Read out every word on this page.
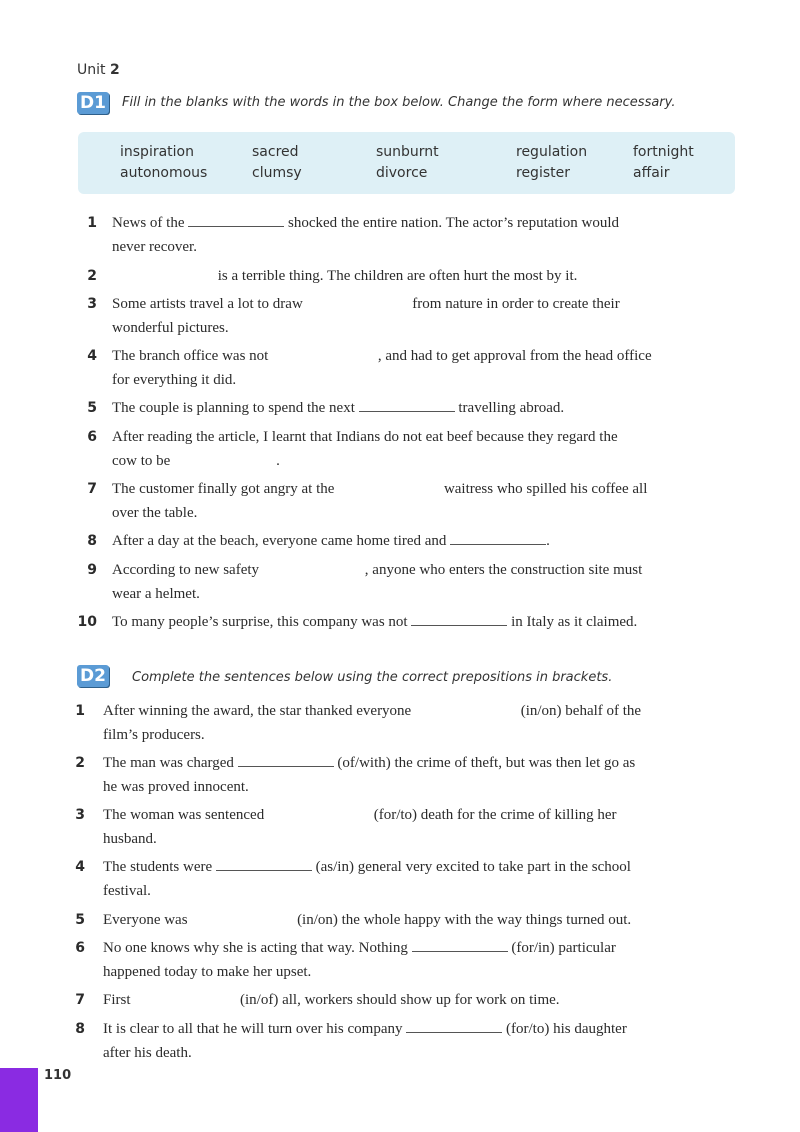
Unit 2
D1 Fill in the blanks with the words in the box below. Change the form where necessary.
inspiration	sacred	sunburnt	regulation	fortnight
autonomous	clumsy	divorce	register	affair
1 News of the	shocked the entire nation. The actor’s reputation would
never recover.
2	is a terrible thing. The children are often hurt the most by it.
3 Some artists travel a lot to draw	from nature in order to create their
wonderful pictures.
4 The branch office was not	, and had to get approval from the head office
for everything it did.
5 The couple is planning to spend the next	travelling abroad.
6 After reading the article, I learnt that Indians do not eat beef because they regard the
cow to be	.
7 The customer finally got angry at the	waitress who spilled his coffee all
over the table.
8 After a day at the beach, everyone came home tired and	.
9 According to new safety	, anyone who enters the construction site must
wear a helmet.
10 To many people’s surprise, this company was not	in Italy as it claimed.
D2 Complete the sentences below using the correct prepositions in brackets.
1 After winning the award, the star thanked everyone	(in/on) behalf of the
film’s producers.
2 The man was charged	(of/with) the crime of theft, but was then let go as
he was proved innocent.
3 The woman was sentenced	(for/to) death for the crime of killing her
husband.
4 The students were	(as/in) general very excited to take part in the school
festival.
5 Everyone was	(in/on) the whole happy with the way things turned out.
6 No one knows why she is acting that way. Nothing	(for/in) particular
happened today to make her upset.
7 First	(in/of) all, workers should show up for work on time.
8 It is clear to all that he will turn over his company	(for/to) his daughter
after his death.
110
